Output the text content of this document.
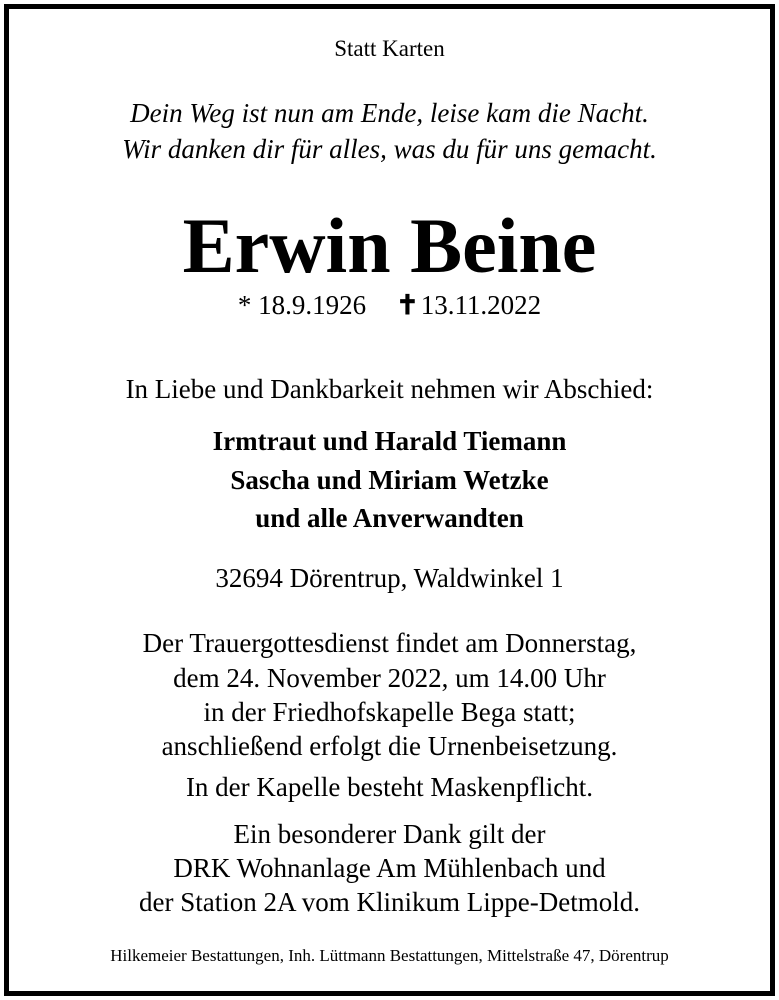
Statt Karten

Dein Weg ist nun am Ende, leise kam die Nacht.

Wir danken dir für alles, was du für uns gemacht.

Erwin Beine

* 18.9.1926 ✝13.11.2022

In Liebe und Dankbarkeit nehmen wir Abschied:

Irmtraut und Harald Tiemann

Sascha und Miriam Wetzke

und alle Anverwandten

32694 Dörentrup, Waldwinkel 1

Der Trauergottesdienst findet am Donnerstag,

dem 24. November 2022, um 14.00 Uhr

in der Friedhofskapelle Bega statt;

anschließend erfolgt die Urnenbeisetzung.

In der Kapelle besteht Maskenpflicht.

Ein besonderer Dank gilt der

DRK Wohnanlage Am Mühlenbach und

der Station 2A vom Klinikum Lippe-Detmold.

Hilkemeier Bestattungen, Inh. Lüttmann Bestattungen, Mittelstraße 47, Dörentrup
